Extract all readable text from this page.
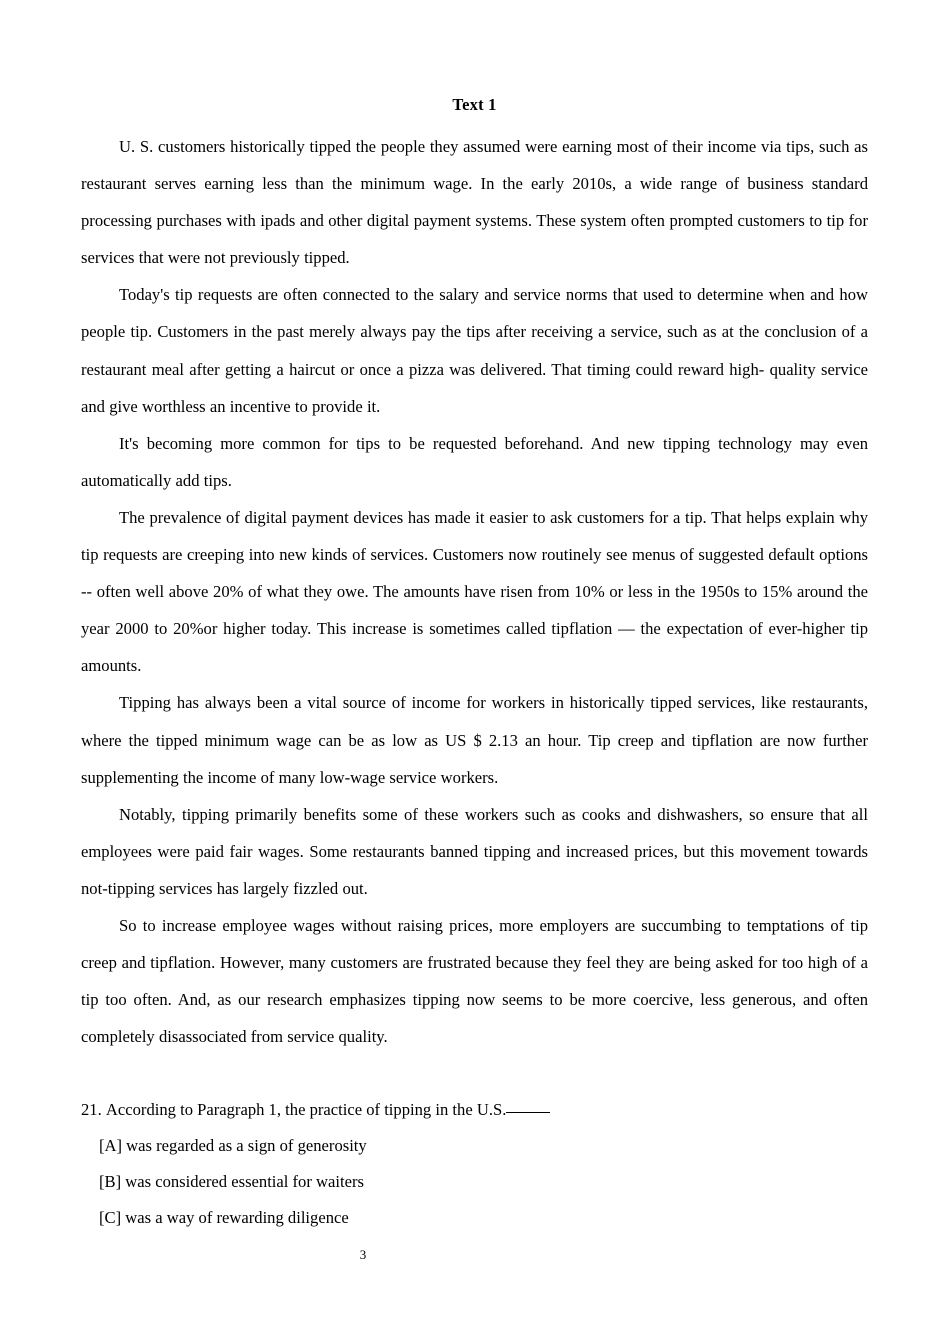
Text 1

U. S. customers historically tipped the people they assumed were earning most of their income via tips, such as restaurant serves earning less than the minimum wage. In the early 2010s, a wide range of business standard processing purchases with ipads and other digital payment systems. These system often prompted customers to tip for services that were not previously tipped.

Today's tip requests are often connected to the salary and service norms that used to determine when and how people tip. Customers in the past merely always pay the tips after receiving a service, such as at the conclusion of a restaurant meal after getting a haircut or once a pizza was delivered. That timing could reward high- quality service and give worthless an incentive to provide it.

It's becoming more common for tips to be requested beforehand. And new tipping technology may even automatically add tips.

The prevalence of digital payment devices has made it easier to ask customers for a tip. That helps explain why tip requests are creeping into new kinds of services. Customers now routinely see menus of suggested default options -- often well above 20% of what they owe. The amounts have risen from 10% or less in the 1950s to 15% around the year 2000 to 20%or higher today. This increase is sometimes called tipflation — the expectation of ever-higher tip amounts.

Tipping has always been a vital source of income for workers in historically tipped services, like restaurants, where the tipped minimum wage can be as low as US $ 2.13 an hour. Tip creep and tipflation are now further supplementing the income of many low-wage service workers.

Notably, tipping primarily benefits some of these workers such as cooks and dishwashers, so ensure that all employees were paid fair wages. Some restaurants banned tipping and increased prices, but this movement towards not-tipping services has largely fizzled out.

So to increase employee wages without raising prices, more employers are succumbing to temptations of tip creep and tipflation. However, many customers are frustrated because they feel they are being asked for too high of a tip too often. And, as our research emphasizes tipping now seems to be more coercive, less generous, and often completely disassociated from service quality.

21. According to Paragraph 1, the practice of tipping in the U.S.

[A] was regarded as a sign of generosity
[B] was considered essential for waiters
[C] was a way of rewarding diligence
3
